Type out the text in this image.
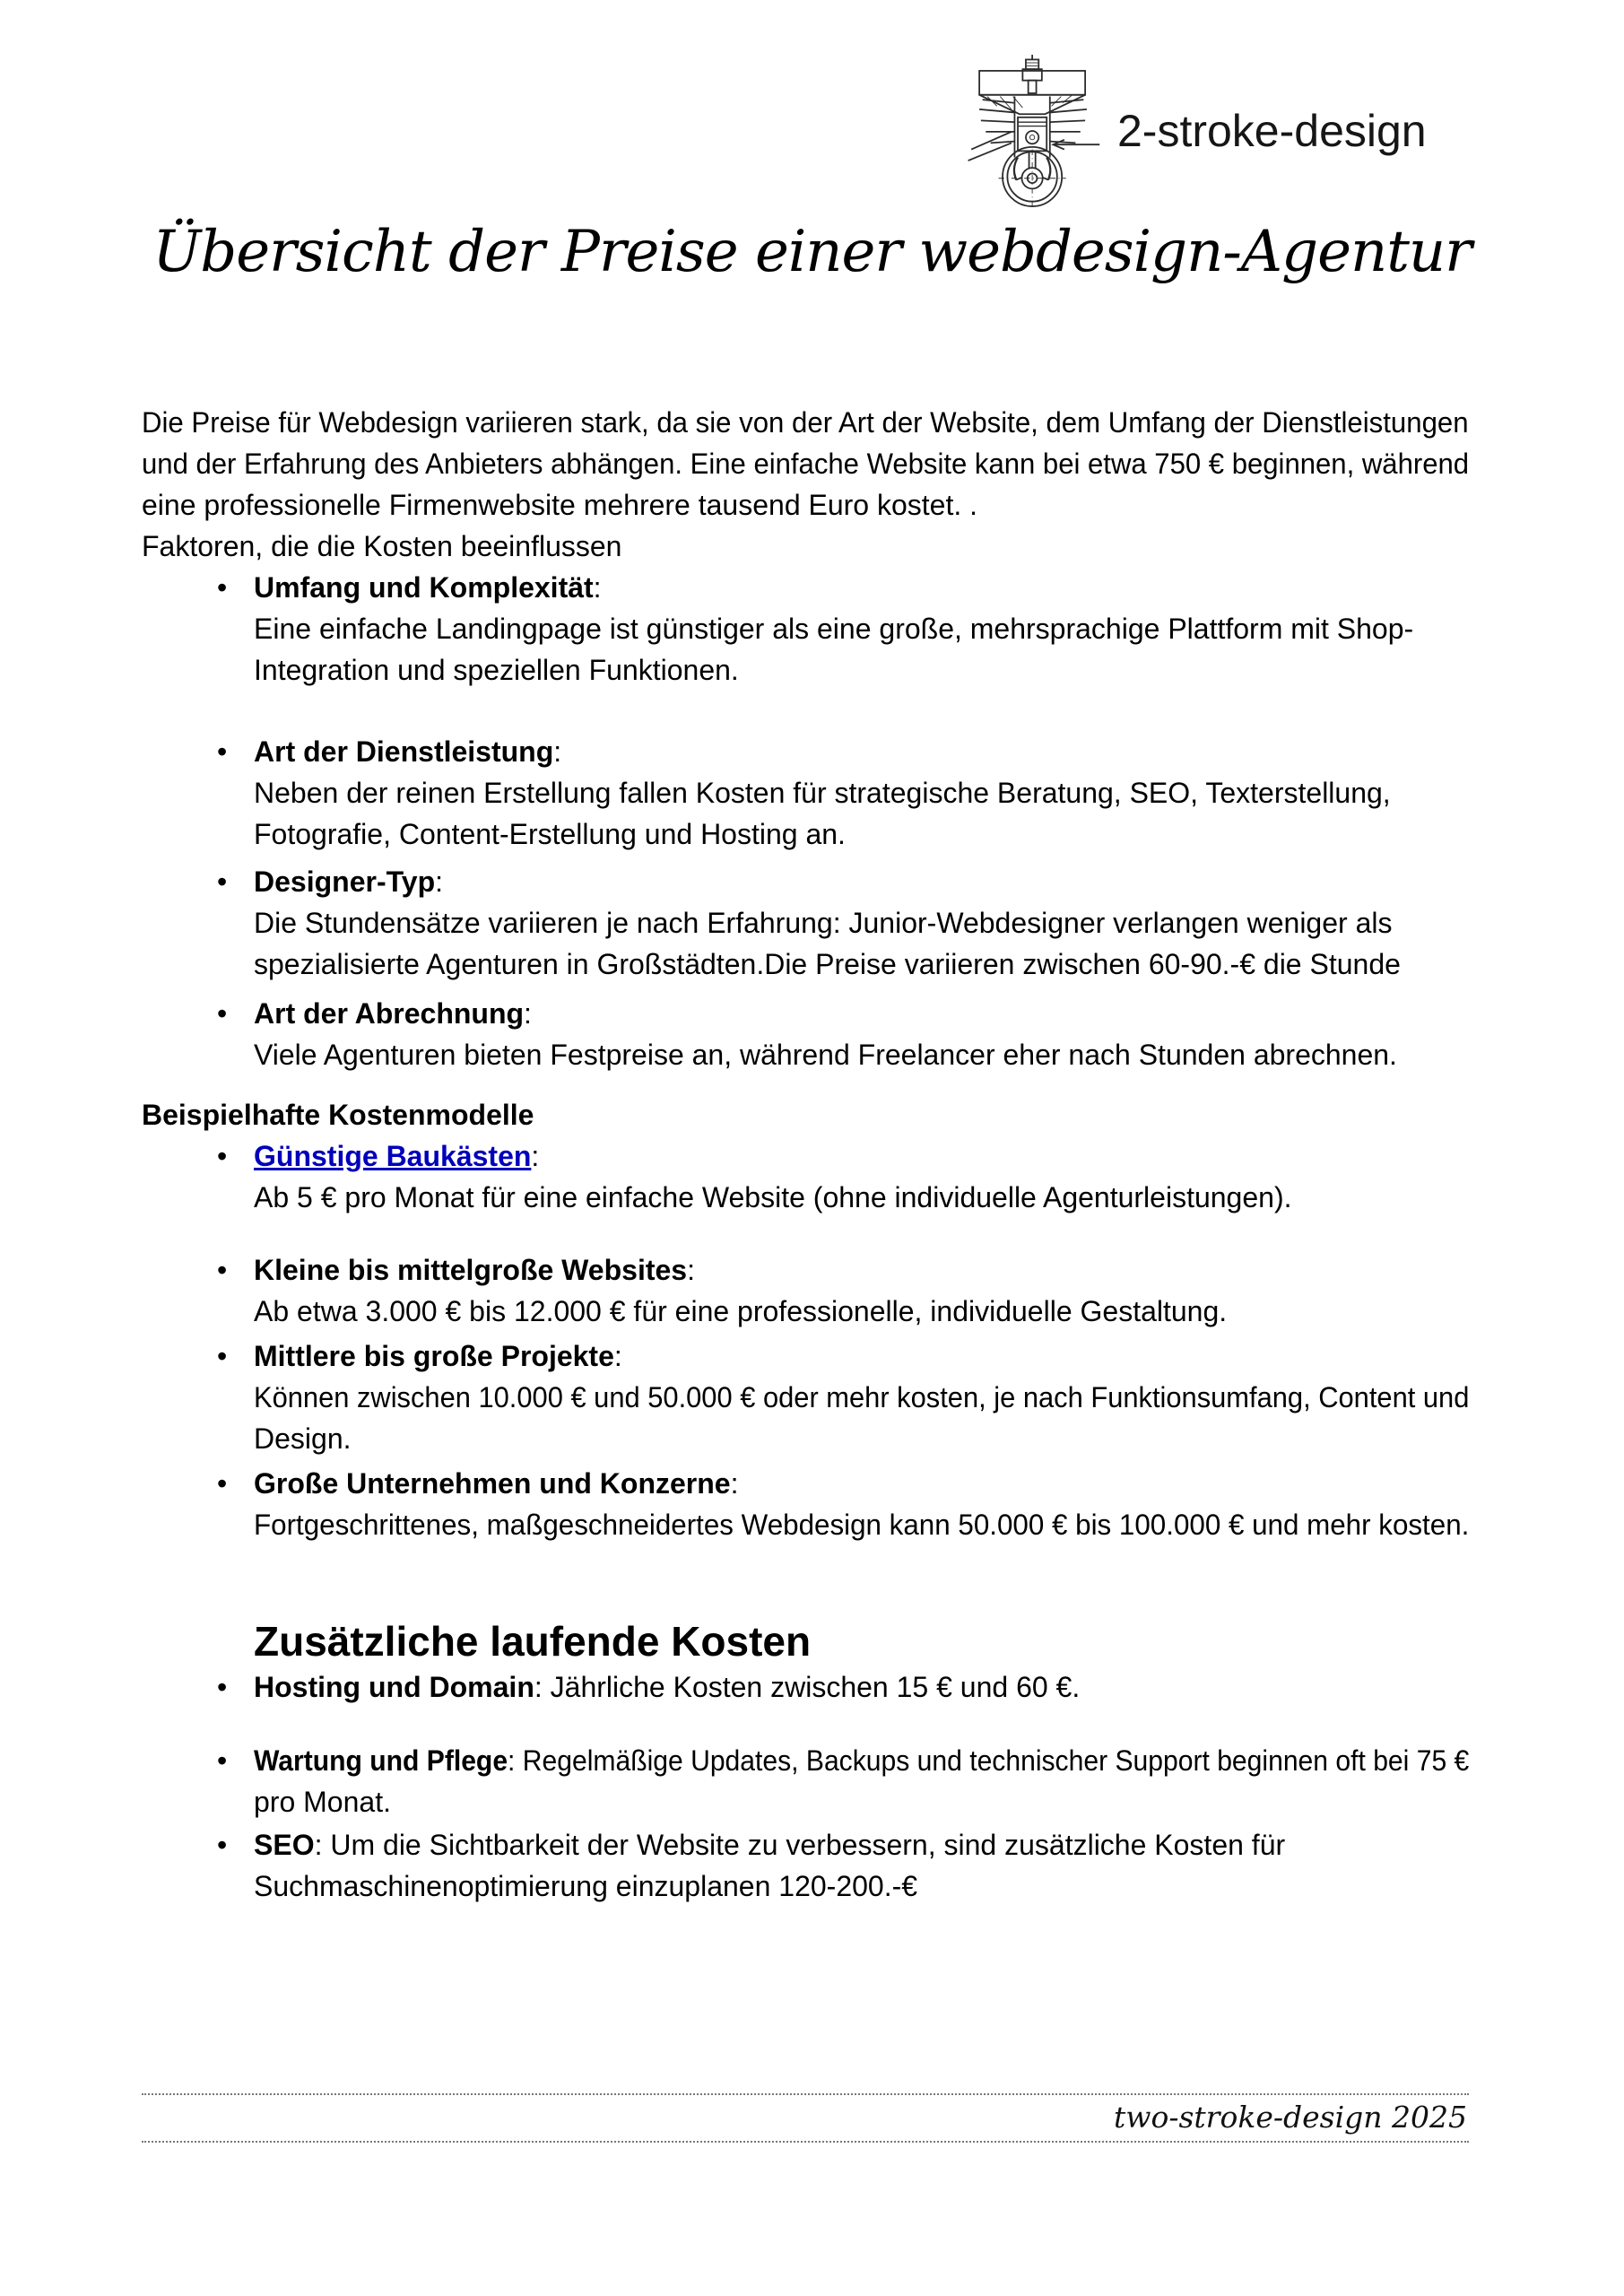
2-stroke-design
Übersicht der Preise einer webdesign-Agentur
Die Preise für Webdesign variieren stark, da sie von der Art der Website, dem Umfang der Dienstleistungen
und der Erfahrung des Anbieters abhängen. Eine einfache Website kann bei etwa 750 € beginnen, während
eine professionelle Firmenwebsite mehrere tausend Euro kostet. .
Faktoren, die die Kosten beeinflussen
• Umfang und Komplexität:
Eine einfache Landingpage ist günstiger als eine große, mehrsprachige Plattform mit Shop-
Integration und speziellen Funktionen.
• Art der Dienstleistung:
Neben der reinen Erstellung fallen Kosten für strategische Beratung, SEO, Texterstellung,
Fotografie, Content-Erstellung und Hosting an.
• Designer-Typ:
Die Stundensätze variieren je nach Erfahrung: Junior-Webdesigner verlangen weniger als
spezialisierte Agenturen in Großstädten.Die Preise variieren zwischen 60-90.-€ die Stunde
• Art der Abrechnung:
Viele Agenturen bieten Festpreise an, während Freelancer eher nach Stunden abrechnen.
Beispielhafte Kostenmodelle
• Günstige Baukästen:
Ab 5 € pro Monat für eine einfache Website (ohne individuelle Agenturleistungen).
• Kleine bis mittelgroße Websites:
Ab etwa 3.000 € bis 12.000 € für eine professionelle, individuelle Gestaltung.
• Mittlere bis große Projekte:
Können zwischen 10.000 € und 50.000 € oder mehr kosten, je nach Funktionsumfang, Content und
Design.
• Große Unternehmen und Konzerne:
Fortgeschrittenes, maßgeschneidertes Webdesign kann 50.000 € bis 100.000 € und mehr kosten.
Zusätzliche laufende Kosten
• Hosting und Domain: Jährliche Kosten zwischen 15 € und 60 €.
• Wartung und Pflege: Regelmäßige Updates, Backups und technischer Support beginnen oft bei 75 €
pro Monat.
• SEO: Um die Sichtbarkeit der Website zu verbessern, sind zusätzliche Kosten für
Suchmaschinenoptimierung einzuplanen 120-200.-€
two-stroke-design 2025
